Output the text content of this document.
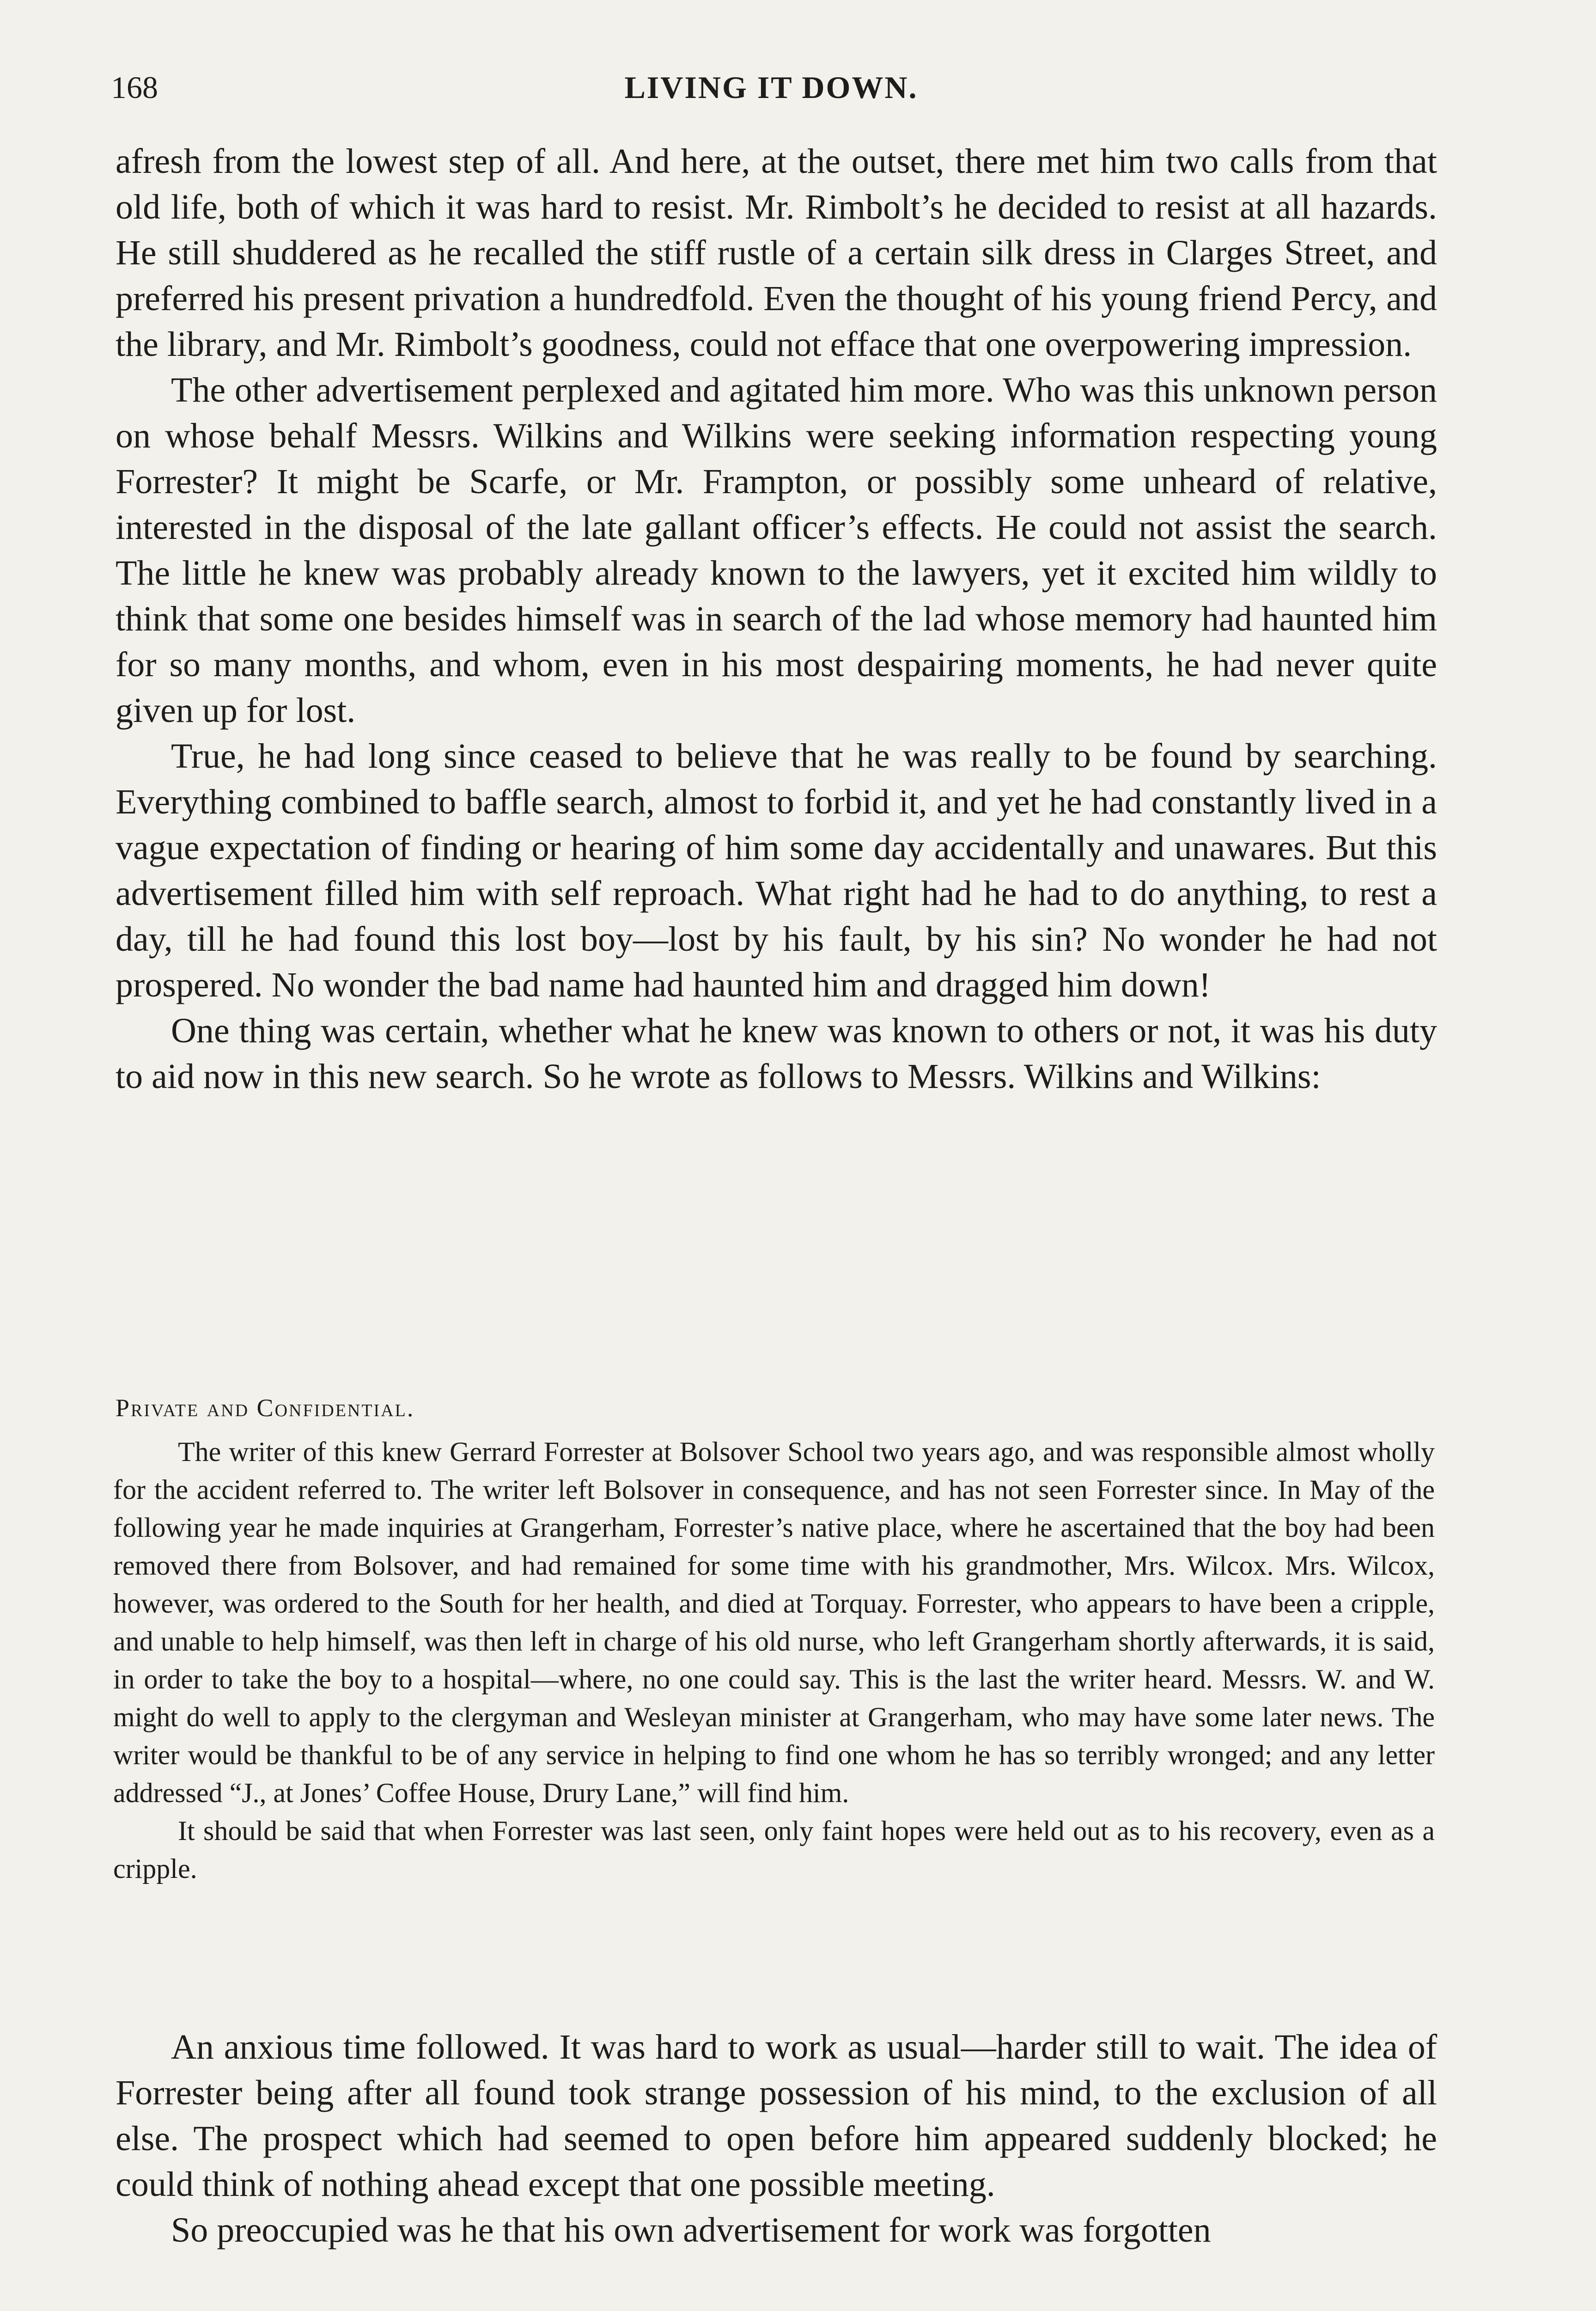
168	LIVING IT DOWN.

afresh from the lowest step of all. And here, at the outset, there met him two calls from that old life, both of which it was hard to resist. Mr. Rimbolt’s he decided to resist at all hazards. He still shuddered as he recalled the stiff rustle of a certain silk dress in Clarges Street, and preferred his present privation a hundredfold. Even the thought of his young friend Percy, and the library, and Mr. Rimbolt’s goodness, could not efface that one overpowering impression.

The other advertisement perplexed and agitated him more. Who was this unknown person on whose behalf Messrs. Wilkins and Wilkins were seeking information respecting young Forrester? It might be Scarfe, or Mr. Frampton, or possibly some unheard of relative, interested in the disposal of the late gallant officer’s effects. He could not assist the search. The little he knew was probably already known to the lawyers, yet it excited him wildly to think that some one besides himself was in search of the lad whose memory had haunted him for so many months, and whom, even in his most despairing moments, he had never quite given up for lost.

True, he had long since ceased to believe that he was really to be found by searching. Everything combined to baffle search, almost to forbid it, and yet he had constantly lived in a vague expectation of finding or hearing of him some day accidentally and unawares. But this advertisement filled him with self reproach. What right had he had to do anything, to rest a day, till he had found this lost boy—lost by his fault, by his sin? No wonder he had not prospered. No wonder the bad name had haunted him and dragged him down!

One thing was certain, whether what he knew was known to others or not, it was his duty to aid now in this new search. So he wrote as follows to Messrs. Wilkins and Wilkins:

Private and Confidential.

The writer of this knew Gerrard Forrester at Bolsover School two years ago, and was responsible almost wholly for the accident referred to. The writer left Bolsover in consequence, and has not seen Forrester since. In May of the following year he made inquiries at Grangerham, Forrester’s native place, where he ascertained that the boy had been removed there from Bolsover, and had remained for some time with his grandmother, Mrs. Wilcox. Mrs. Wilcox, however, was ordered to the South for her health, and died at Torquay. Forrester, who appears to have been a cripple, and unable to help himself, was then left in charge of his old nurse, who left Grangerham shortly afterwards, it is said, in order to take the boy to a hospital—where, no one could say. This is the last the writer heard. Messrs. W. and W. might do well to apply to the clergyman and Wesleyan minister at Grangerham, who may have some later news. The writer would be thankful to be of any service in helping to find one whom he has so terribly wronged; and any letter addressed “J., at Jones’ Coffee House, Drury Lane,” will find him.

It should be said that when Forrester was last seen, only faint hopes were held out as to his recovery, even as a cripple.

An anxious time followed. It was hard to work as usual—harder still to wait. The idea of Forrester being after all found took strange possession of his mind, to the exclusion of all else. The prospect which had seemed to open before him appeared suddenly blocked; he could think of nothing ahead except that one possible meeting.

So preoccupied was he that his own advertisement for work was forgotten
